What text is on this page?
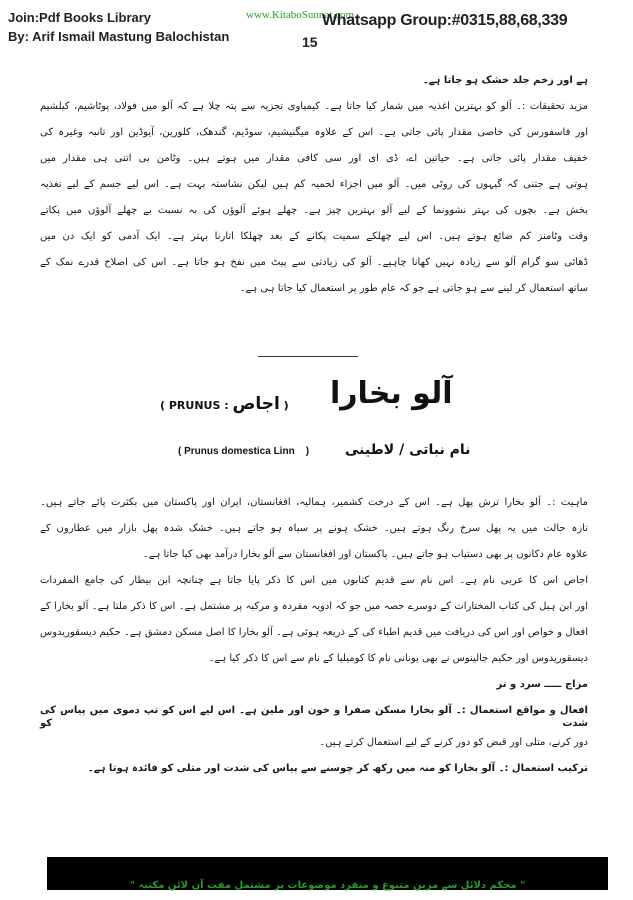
Join:Pdf Books Library
By: Arif Ismail Mastung Balochistan
www.KitaboSunnat.com
Whatsapp Group:#0315,88,68,339
15
ہے اور زخم جلد خشک ہو جاتا ہے۔
مزید تحقیقات :۔ آلو کو بہترین اغذیہ میں شمار کیا جاتا ہے۔ کیمیاوی تجزیہ سے پتہ چلا ہے کہ آلو میں فولاد، پوٹاشیم، کیلشیم
اور فاسفورس کی خاصی مقدار پائی جاتی ہے۔ اس کے علاوہ میگنیشیم، سوڈیم، گندھک، کلورین، آیوڈین اور تانبہ وغیرہ کی
خفیف مقدار پائی جاتی ہے۔ حیاتین اے، ڈی ای اور سی کافی مقدار میں ہوتے ہیں۔ وٹامن بی اتنی ہی مقدار میں
ہوتی ہے جتنی کہ گیہوں کی روٹی میں۔ آلو میں اجزاء لحمیہ کم ہیں لیکن نشاستہ بہت ہے۔ اس لیے جسم کے لیے تغذیہ
بخش ہے۔ بچوں کی بہتر نشوونما کے لیے آلو بہترین چیز ہے۔ چھلے ہوئے آلوؤں کی بہ نسبت بے چھلے آلوؤں میں پکاتے
وقت وٹامنز کم ضائع ہوتے ہیں۔ اس لیے چھلکے سمیت پکانے کے بعد چھلکا اتارنا بہتر ہے۔ ایک آدمی کو ایک دن میں
ڈھائی سو گرام آلو سے زیادہ نہیں کھانا چاہیے۔ آلو کی زیادتی سے پیٹ میں نفخ ہو جاتا ہے۔ اس کی اصلاح قدرے نمک کے
ساتھ استعمال کر لینے سے ہو جاتی ہے جو کہ عام طور پر استعمال کیا جاتا ہی ہے۔
آلو بخارا
( PRUNUS : اجاص )
نام نباتی / لاطینی
( Prunus domestica Linn    )
ماہیت :۔ آلو بخارا ترش پھل ہے۔ اس کے درخت کشمیر، ہمالیہ، افغانستان، ایران اور پاکستان میں بکثرت پائے جاتے ہیں۔
تازہ حالت میں یہ پھل سرخ رنگ ہوتے ہیں۔ خشک ہونے پر سیاہ ہو جاتے ہیں۔ خشک شدہ پھل بازار میں عطاروں کے
علاوہ عام دکانوں پر بھی دستیاب ہو جاتے ہیں۔ پاکستان اور افغانستان سے آلو بخارا درآمد بھی کیا جاتا ہے۔
اجاص اس کا عربی نام ہے۔ اس نام سے قدیم کتابوں میں اس کا ذکر پایا جاتا ہے چنانچہ ابن بیطار کی جامع المفردات
اور ابن ہبل کی کتاب المختارات کے دوسرے حصہ میں جو کہ ادویہ مفردہ و مرکبہ پر مشتمل ہے۔ اس کا ذکر ملتا ہے۔ آلو بخارا کے
افعال و خواص اور اس کی دریافت میں قدیم اطباء کی کے ذریعہ ہوئی ہے۔ آلو بخارا کا اصل مسکن دمشق ہے۔ حکیم دیسقوریدوس
دیسقوریدوس اور حکیم جالینوس نے بھی یونانی نام کا کومیلیا کے نام سے اس کا ذکر کیا ہے۔
مزاج ـــــ سرد و تر
افعال و مواقع استعمال :۔ آلو بخارا مسکن صفرا و خون اور ملین ہے۔ اس لیے اس کو تپ دموی میں پیاس کی شدت کو
دور کرنے، متلی اور قبض کو دور کرنے کے لیے استعمال کرتے ہیں۔
ترکیب استعمال :۔ آلو بخارا کو منہ میں رکھ کر چوسنے سے پیاس کی شدت اور متلی کو فائدہ ہوتا ہے۔
" محکم دلائل سے مزین متنوع و منفرد موضوعات پر مشتمل مفت آن لائن مکتبہ "
